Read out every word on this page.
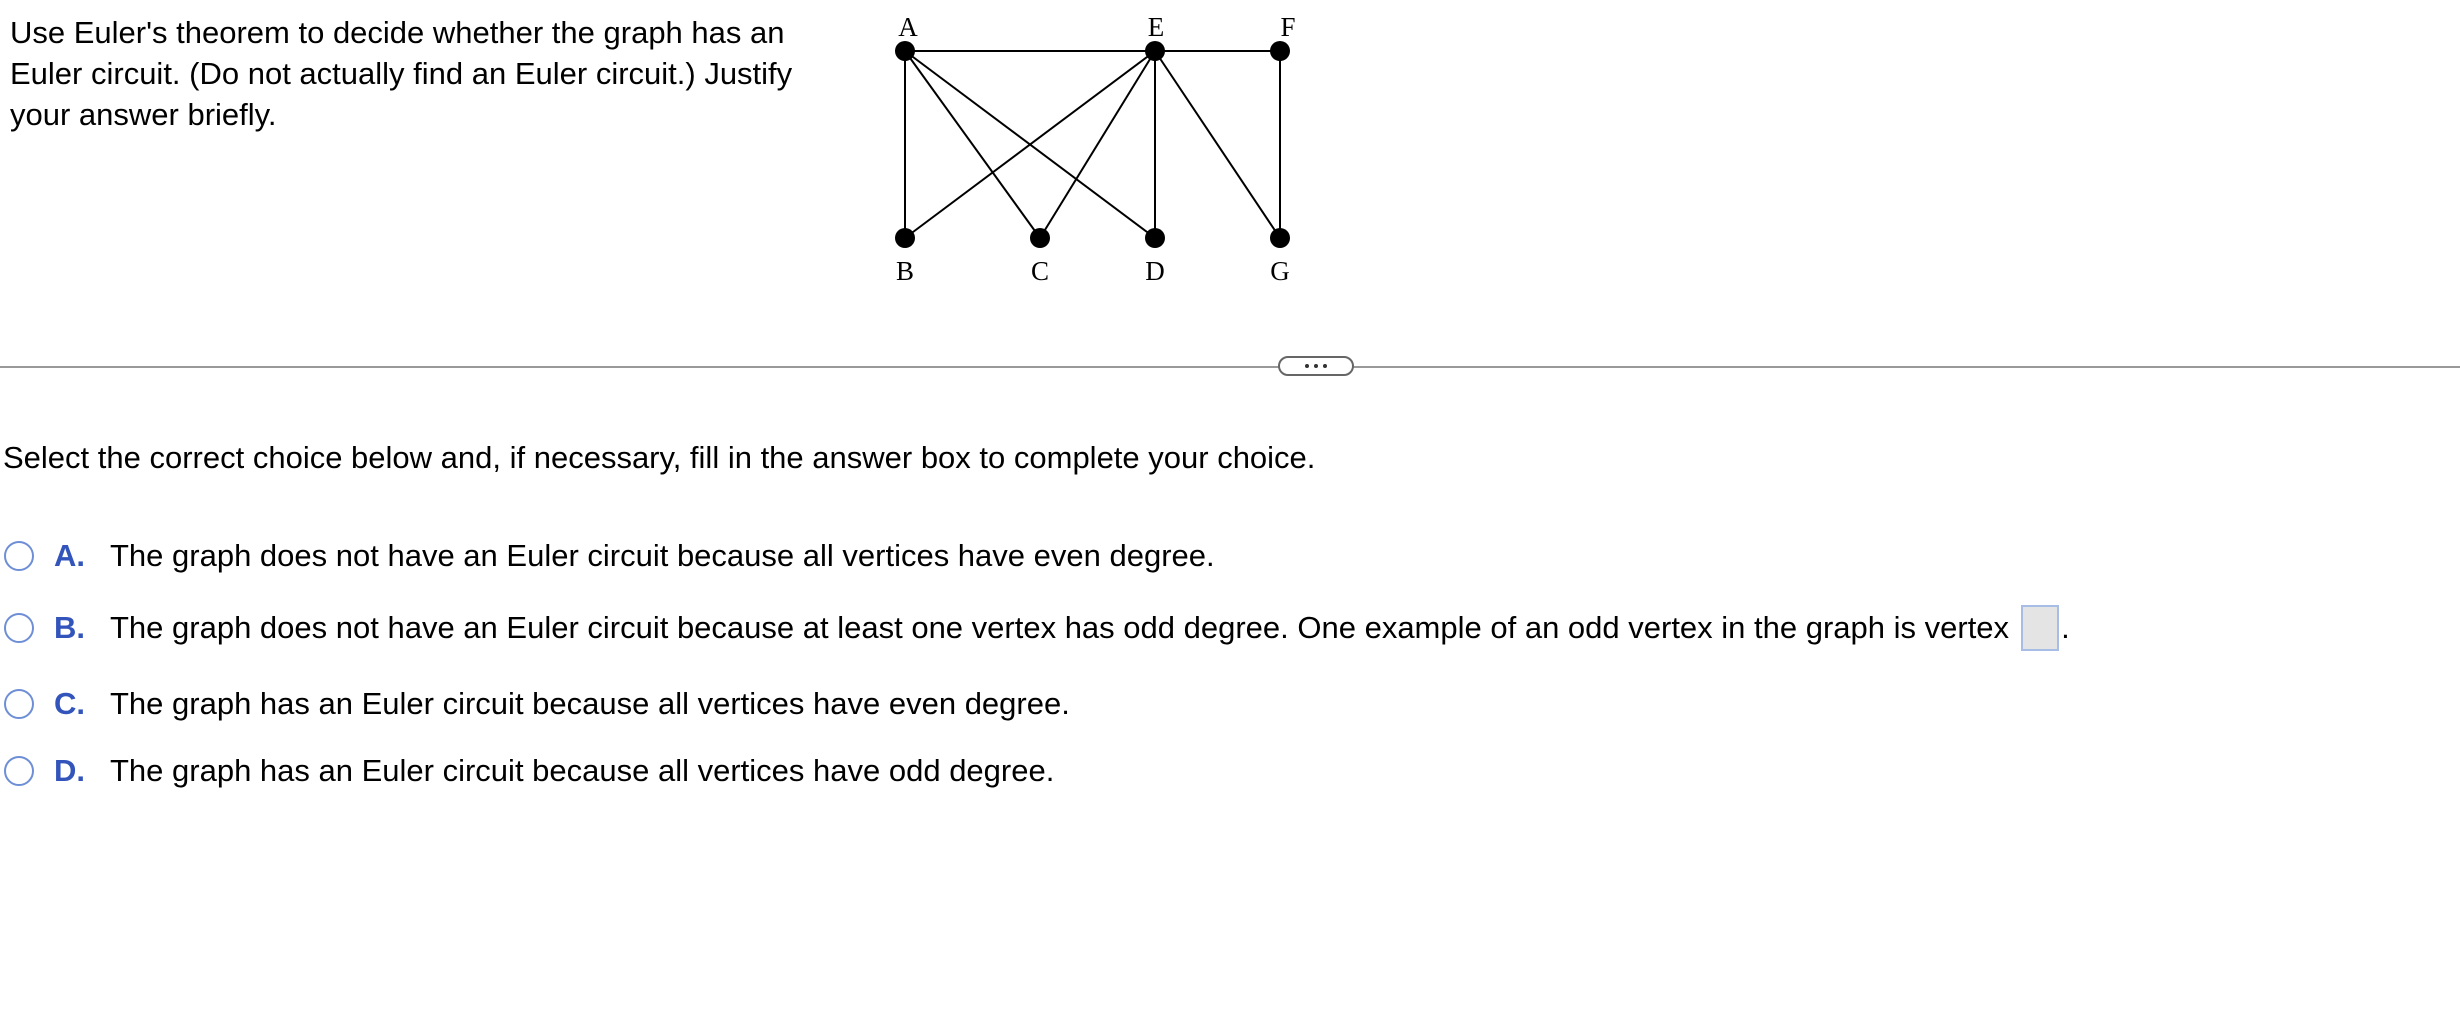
Use Euler's theorem to decide whether the graph has an Euler circuit. (Do not actually find an Euler circuit.) Justify your answer briefly.
A	E	F
B	C	D	G
Select the correct choice below and, if necessary, fill in the answer box to complete your choice.
A. The graph does not have an Euler circuit because all vertices have even degree.
B. The graph does not have an Euler circuit because at least one vertex has odd degree. One example of an odd vertex in the graph is vertex .
C. The graph has an Euler circuit because all vertices have even degree.
D. The graph has an Euler circuit because all vertices have odd degree.
